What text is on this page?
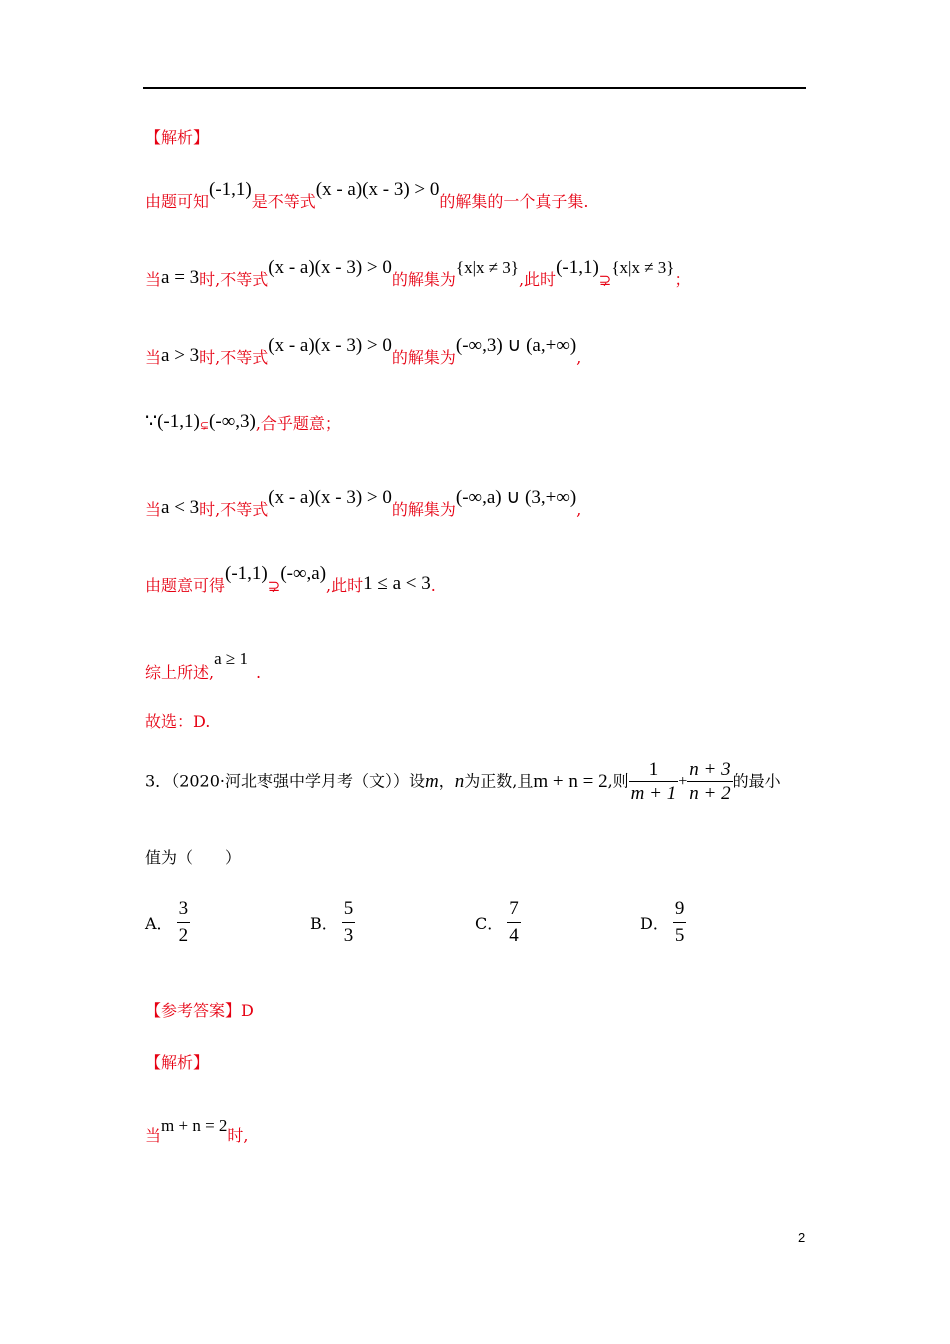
【解析】
由题可知(-1,1)是不等式(x - a)(x - 3) > 0的解集的一个真子集.
当a = 3时,不等式(x - a)(x - 3) > 0的解集为{x|x ≠ 3},此时(-1,1)⊋{x|x ≠ 3}；
当a > 3时,不等式(x - a)(x - 3) > 0的解集为(-∞,3) ∪ (a,+∞),
∵(-1,1)⊊(-∞,3),合乎题意；
当a < 3时,不等式(x - a)(x - 3) > 0的解集为(-∞,a) ∪ (3,+∞),
由题意可得(-1,1)⊋(-∞,a),此时1 ≤ a < 3.
综上所述,a ≥ 1.
故选：D.
3．（2020·河北枣强中学月考（文））设m，n为正数,且m + n = 2,则 $\frac{1}{m + 1} + \frac{n + 3}{n + 2}$ 的最小
值为（　　）
A． $\frac{3}{2}$	B． $\frac{5}{3}$	C． $\frac{7}{4}$	D． $\frac{9}{5}$
【参考答案】D
【解析】
当m + n = 2时,
2
